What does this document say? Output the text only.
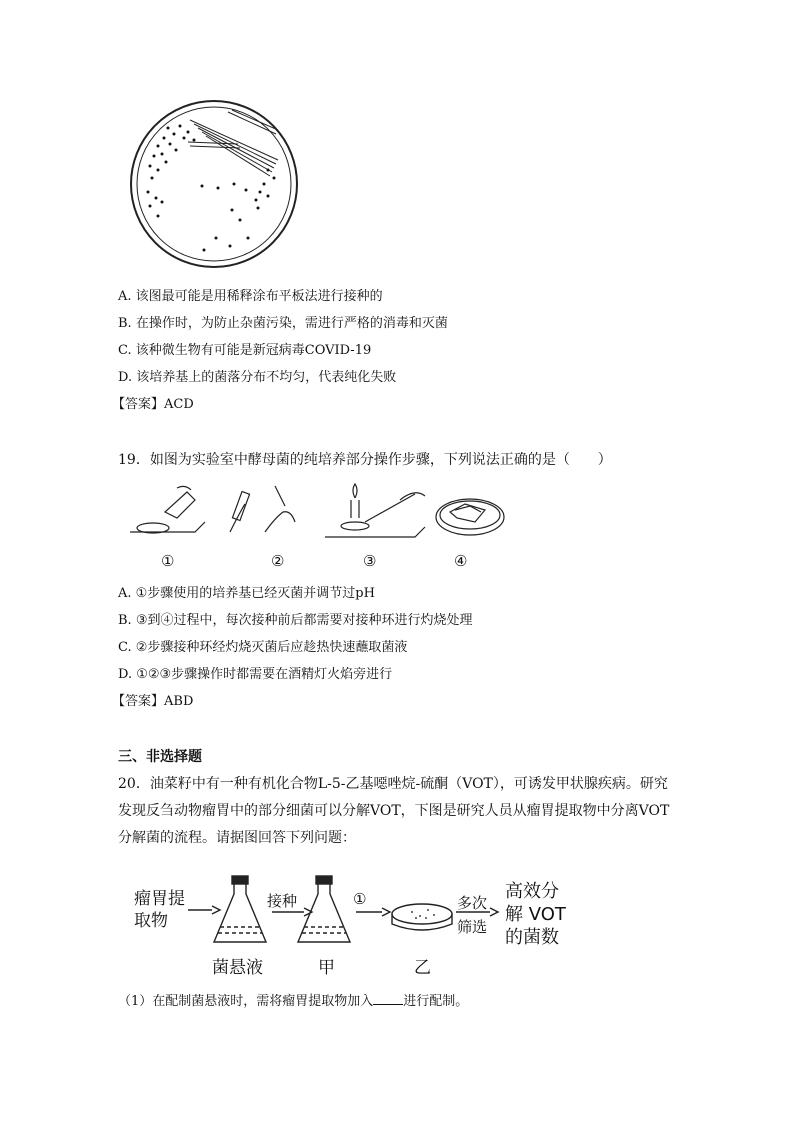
A. 该图最可能是用稀释涂布平板法进行接种的
B. 在操作时，为防止杂菌污染，需进行严格的消毒和灭菌
C. 该种微生物有可能是新冠病毒COVID-19
D. 该培养基上的菌落分布不均匀，代表纯化失败
【答案】ACD
19．如图为实验室中酵母菌的纯培养部分操作步骤，下列说法正确的是（　　）
①	②	③	④
A. ①步骤使用的培养基已经灭菌并调节过pH
B. ③到④过程中，每次接种前后都需要对接种环进行灼烧处理
C. ②步骤接种环经灼烧灭菌后应趁热快速蘸取菌液
D. ①②③步骤操作时都需要在酒精灯火焰旁进行
【答案】ABD
三、非选择题
20．油菜籽中有一种有机化合物L-5-乙基噁唑烷-硫酮（VOT），可诱发甲状腺疾病。研究
发现反刍动物瘤胃中的部分细菌可以分解VOT，下图是研究人员从瘤胃提取物中分离VOT
分解菌的流程。请据图回答下列问题：
瘤胃提
取物
接种	①	多次
筛选
高效分
解 VOT
的菌数
菌悬液	甲	乙
（1）在配制菌悬液时，需将瘤胃提取物加入 进行配制。
